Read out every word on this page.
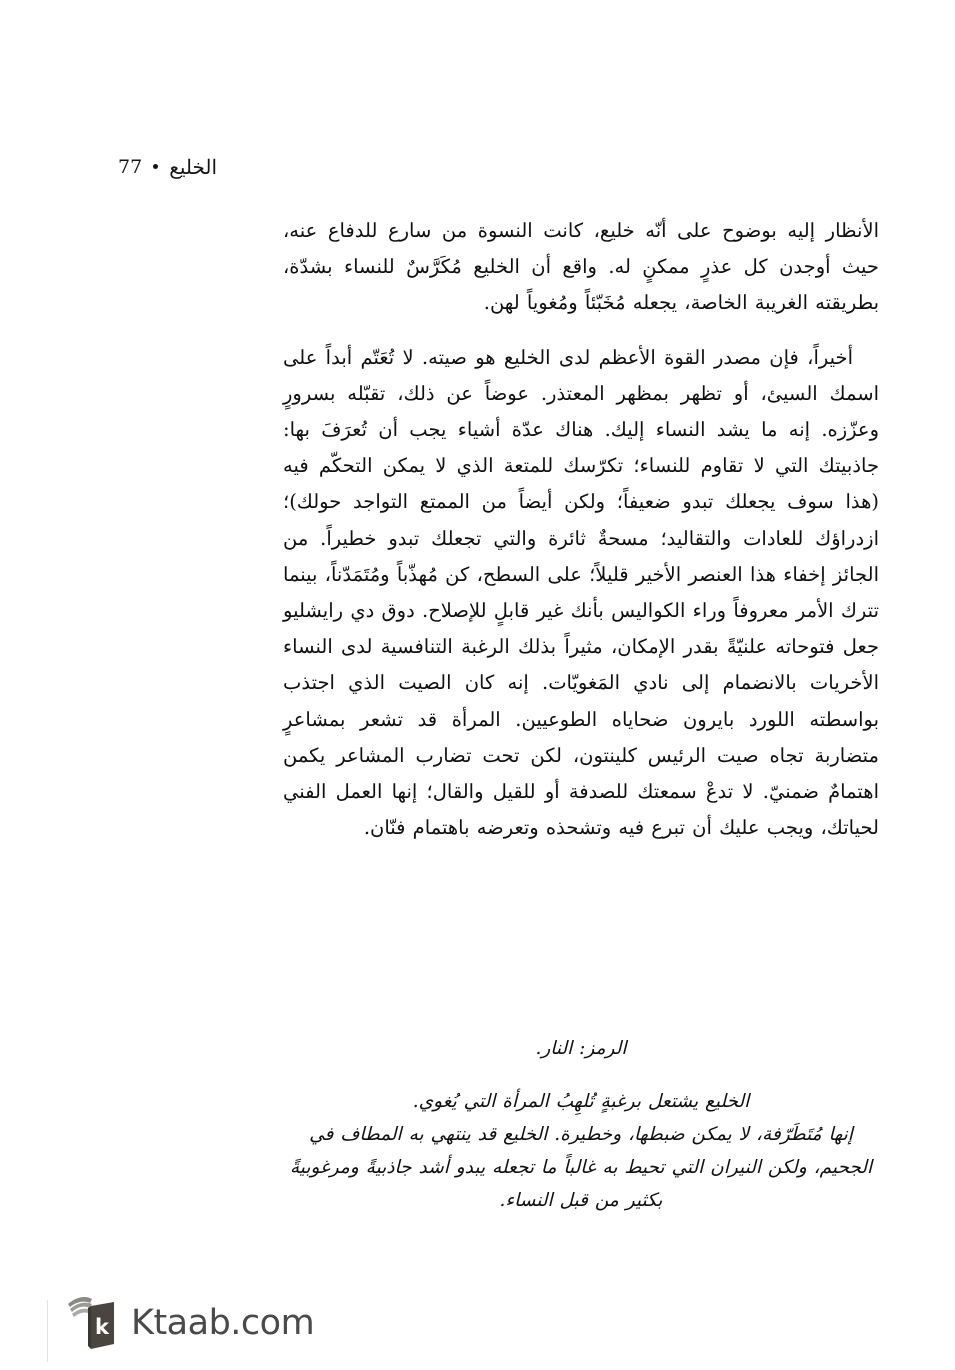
الخليع
77

الأنظار إليه بوضوح على أنّه خليع، كانت النسوة من سارع للدفاع عنه، حيث أوجدن كل عذرٍ ممكنٍ له. واقع أن الخليع مُكَرَّسٌ للنساء بشدّة، بطريقته الغريبة الخاصة، يجعله مُخَبّئاً ومُغوياً لهن.

أخيراً، فإن مصدر القوة الأعظم لدى الخليع هو صيته. لا تُعَتّم أبداً على اسمك السيئ، أو تظهر بمظهر المعتذر. عوضاً عن ذلك، تقبّله بسرورٍ وعزّزه. إنه ما يشد النساء إليك. هناك عدّة أشياء يجب أن تُعرَفَ بها: جاذبيتك التي لا تقاوم للنساء؛ تكرّسك للمتعة الذي لا يمكن التحكّم فيه (هذا سوف يجعلك تبدو ضعيفاً؛ ولكن أيضاً من الممتع التواجد حولك)؛ ازدراؤك للعادات والتقاليد؛ مسحةٌ ثائرة والتي تجعلك تبدو خطيراً. من الجائز إخفاء هذا العنصر الأخير قليلاً؛ على السطح، كن مُهذّباً ومُتَمَدّناً، بينما تترك الأمر معروفاً وراء الكواليس بأنك غير قابلٍ للإصلاح. دوق دي رايشليو جعل فتوحاته علنيّةً بقدر الإمكان، مثيراً بذلك الرغبة التنافسية لدى النساء الأخريات بالانضمام إلى نادي المَغويّات. إنه كان الصيت الذي اجتذب بواسطته اللورد بايرون ضحاياه الطوعيين. المرأة قد تشعر بمشاعرٍ متضاربة تجاه صيت الرئيس كلينتون، لكن تحت تضارب المشاعر يكمن اهتمامٌ ضمنيّ. لا تدعْ سمعتك للصدفة أو للقيل والقال؛ إنها العمل الفني لحياتك، ويجب عليك أن تبرع فيه وتشحذه وتعرضه باهتمام فنّان.

الرمز: النار.

الخليع يشتعل برغبةٍ تُلهِبُ المرأة التي يُغوي.

إنها مُتَطَرّفة، لا يمكن ضبطها، وخطيرة. الخليع قد ينتهي به المطاف في الجحيم، ولكن النيران التي تحيط به غالباً ما تجعله يبدو أشد جاذبيةً ومرغوبيةً بكثير من قبل النساء.

k Ktaab.com
